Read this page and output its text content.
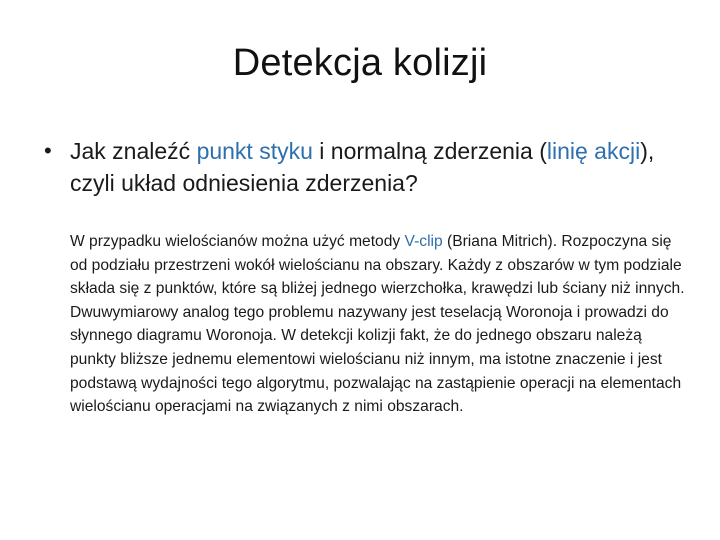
Detekcja kolizji
• Jak znaleźć punkt styku i normalną zderzenia (linię akcji), czyli układ odniesienia zderzenia?
W przypadku wielościanów można użyć metody V-clip (Briana Mitrich). Rozpoczyna się od podziału przestrzeni wokół wielościanu na obszary. Każdy z obszarów w tym podziale składa się z punktów, które są bliżej jednego wierzchołka, krawędzi lub ściany niż innych. Dwuwymiarowy analog tego problemu nazywany jest teselacją Woronoja i prowadzi do słynnego diagramu Woronoja. W detekcji kolizji fakt, że do jednego obszaru należą punkty bliższe jednemu elementowi wielościanu niż innym, ma istotne znaczenie i jest podstawą wydajności tego algorytmu, pozwalając na zastąpienie operacji na elementach wielościanu operacjami na związanych z nimi obszarach.
